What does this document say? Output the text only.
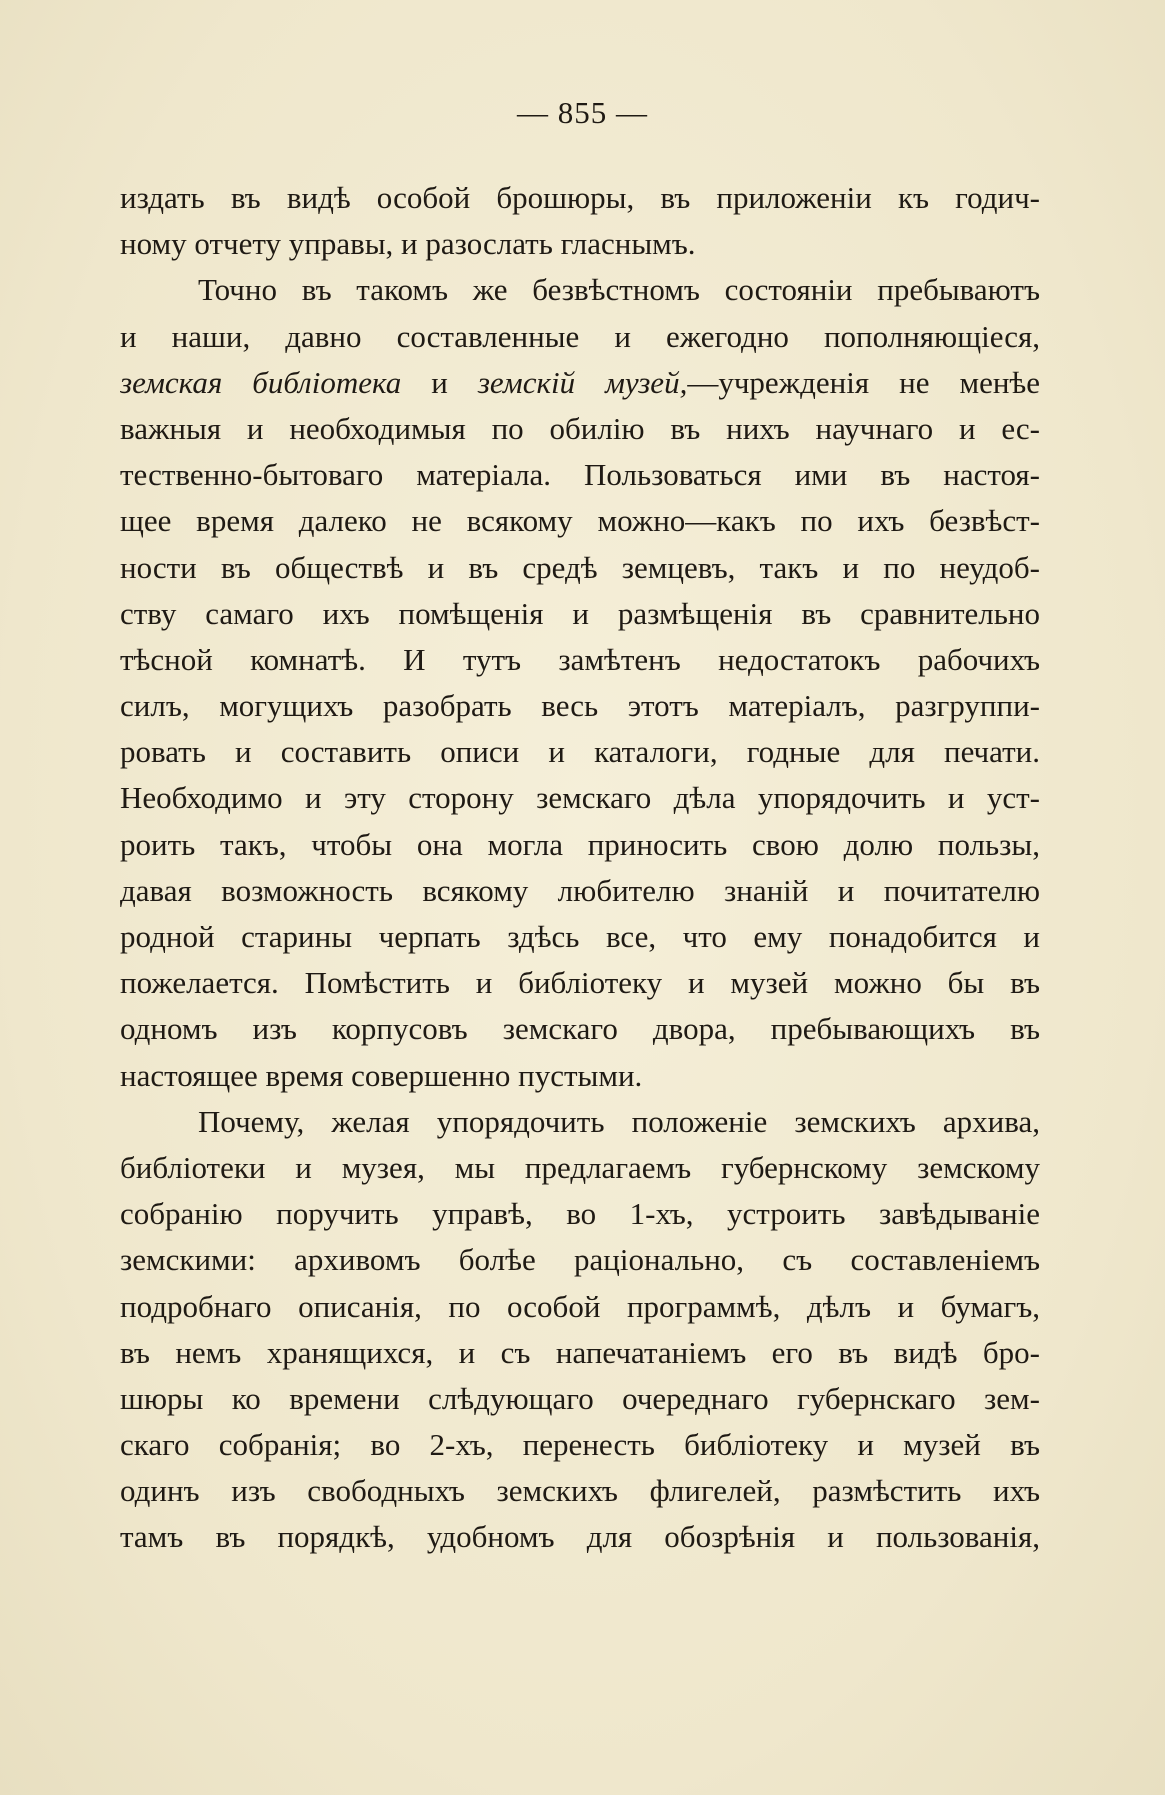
— 855 —
издать въ видѣ особой брошюры, въ приложеніи къ годич-
ному отчету управы, и разослать гласнымъ.
Точно въ такомъ же безвѣстномъ состояніи пребываютъ
и наши, давно составленные и ежегодно пополняющіеся,
земская библіотека и земскій музей,—учрежденія не менѣе
важныя и необходимыя по обилію въ нихъ научнаго и ес-
тественно-бытоваго матеріала. Пользоваться ими въ настоя-
щее время далеко не всякому можно—какъ по ихъ безвѣст-
ности въ обществѣ и въ средѣ земцевъ, такъ и по неудоб-
ству самаго ихъ помѣщенія и размѣщенія въ сравнительно
тѣсной комнатѣ. И тутъ замѣтенъ недостатокъ рабочихъ
силъ, могущихъ разобрать весь этотъ матеріалъ, разгруппи-
ровать и составить описи и каталоги, годные для печати.
Необходимо и эту сторону земскаго дѣла упорядочить и уст-
роить такъ, чтобы она могла приносить свою долю пользы,
давая возможность всякому любителю знаній и почитателю
родной старины черпать здѣсь все, что ему понадобится и
пожелается. Помѣстить и библіотеку и музей можно бы въ
одномъ изъ корпусовъ земскаго двора, пребывающихъ въ
настоящее время совершенно пустыми.
Почему, желая упорядочить положеніе земскихъ архива,
библіотеки и музея, мы предлагаемъ губернскому земскому
собранію поручить управѣ, во 1-хъ, устроить завѣдываніе
земскими: архивомъ болѣе раціонально, съ составленіемъ
подробнаго описанія, по особой программѣ, дѣлъ и бумагъ,
въ немъ хранящихся, и съ напечатаніемъ его въ видѣ бро-
шюры ко времени слѣдующаго очереднаго губернскаго зем-
скаго собранія; во 2-хъ, перенесть библіотеку и музей въ
одинъ изъ свободныхъ земскихъ флигелей, размѣстить ихъ
тамъ въ порядкѣ, удобномъ для обозрѣнія и пользованія,
